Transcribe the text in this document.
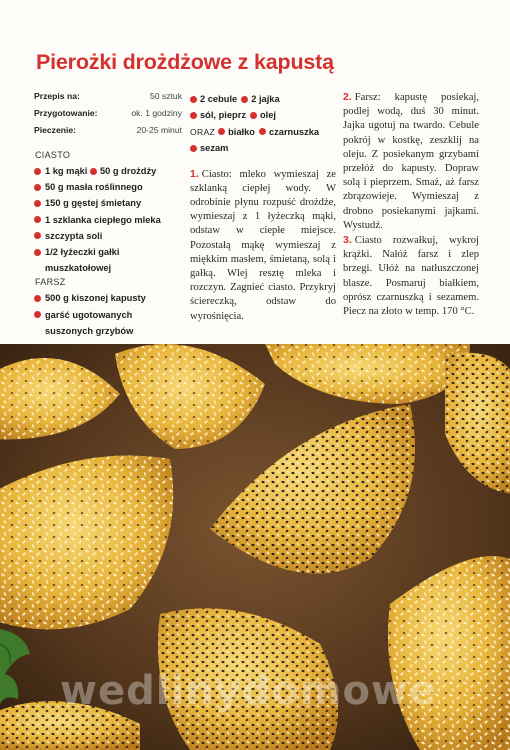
Pierożki drożdżowe z kapustą
Przepis na:	50 sztuk
Przygotowanie:	ok. 1 godziny
Pieczenie:	20-25 minut
CIASTO
1 kg mąki 50 g drożdży
50 g masła roślinnego
150 g gęstej śmietany
1 szklanka ciepłego mleka
szczypta soli
1/2 łyżeczki gałki
muszkatołowej
FARSZ
500 g kiszonej kapusty
garść ugotowanych
suszonych grzybów
2 cebule 2 jajka
sól, pieprz olej
ORAZ białko czarnuszka
sezam

1. Ciasto: mleko wymieszaj ze szklanką ciepłej wody. W odrobinie płynu rozpuść drożdże, wymieszaj z 1 łyżeczką mąki, odstaw w ciepłe miejsce. Pozostałą mąkę wymieszaj z miękkim masłem, śmietaną, solą i gałką. Wlej resztę mleka i rozczyn. Zagnieć ciasto. Przykryj ściereczką, odstaw do wyrośnięcia.

2. Farsz: kapustę posiekaj, podlej wodą, duś 30 minut. Jajka ugotuj na twardo. Cebule pokrój w kostkę, zeszklij na oleju. Z posiekanym grzybami przełóż do kapusty. Dopraw solą i pieprzem. Smaż, aż farsz zbrązowieje. Wymieszaj z drobno posiekanymi jajkami. Wystudź.

3. Ciasto rozwałkuj, wykroj krążki. Nałóż farsz i zlep brzegi. Ułóż na natłuszczonej blasze. Posmaruj białkiem, oprósz czarnuszką i sezamem. Piecz na złoto w temp. 170 °C.

wedlinydomowe
